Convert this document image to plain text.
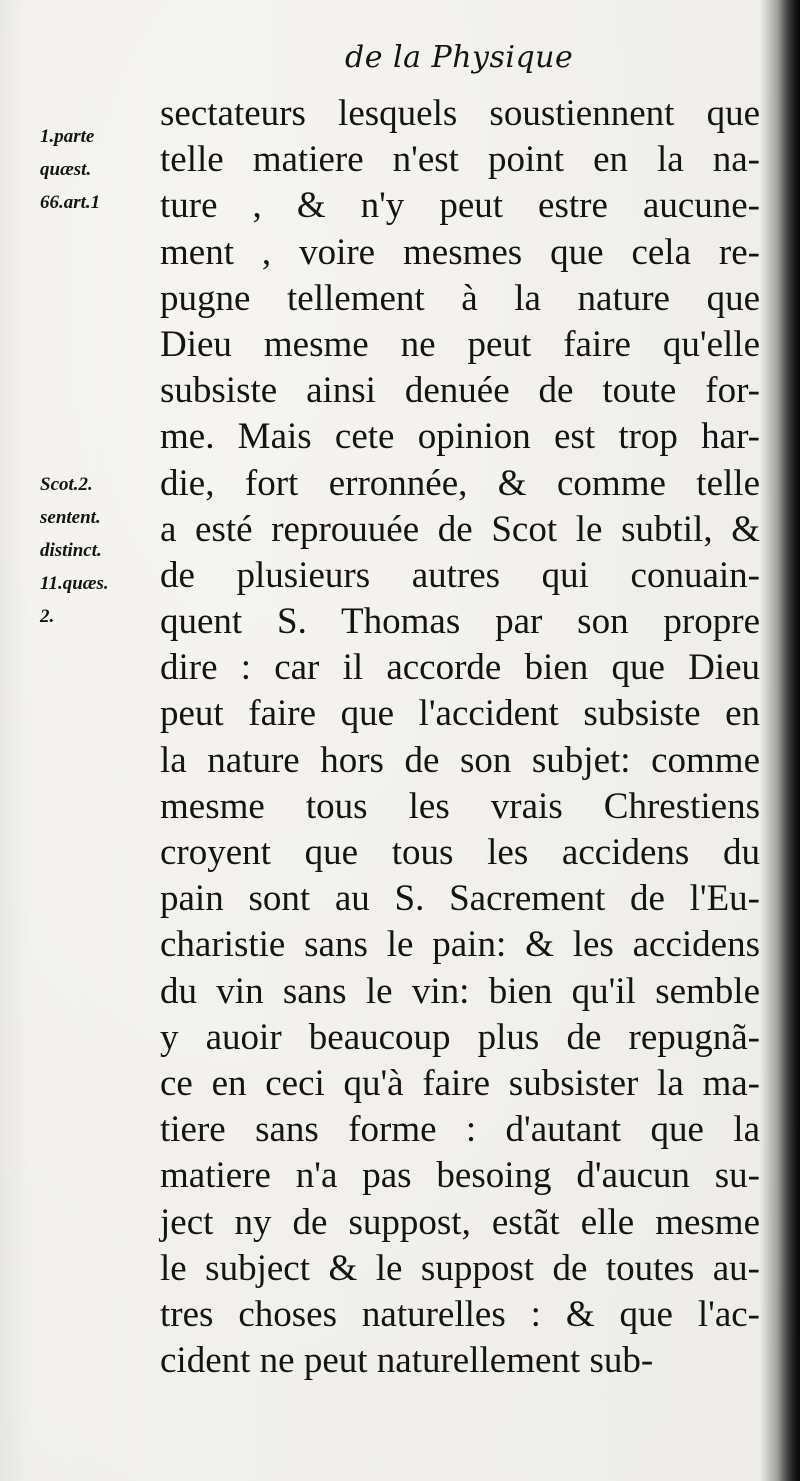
de la Physique
1.parte
quæst.
66.art.1
Scot.2.
sentent.
distinct.
11.quæs.
2.
sectateurs lesquels soustiennent que
telle matiere n'est point en la na-
ture , & n'y peut estre aucune-
ment , voire mesmes que cela re-
pugne tellement à la nature que
Dieu mesme ne peut faire qu'elle
subsiste ainsi denuée de toute for-
me. Mais cete opinion est trop har-
die, fort erronnée, & comme telle
a esté reprouuée de Scot le subtil, &
de plusieurs autres qui conuain-
quent S. Thomas par son propre
dire : car il accorde bien que Dieu
peut faire que l'accident subsiste en
la nature hors de son subjet: comme
mesme tous les vrais Chrestiens
croyent que tous les accidens du
pain sont au S. Sacrement de l'Eu-
charistie sans le pain: & les accidens
du vin sans le vin: bien qu'il semble
y auoir beaucoup plus de repugnã-
ce en ceci qu'à faire subsister la ma-
tiere sans forme : d'autant que la
matiere n'a pas besoing d'aucun su-
ject ny de suppost, estãt elle mesme
le subject & le suppost de toutes au-
tres choses naturelles : & que l'ac-
cident ne peut naturellement sub-
